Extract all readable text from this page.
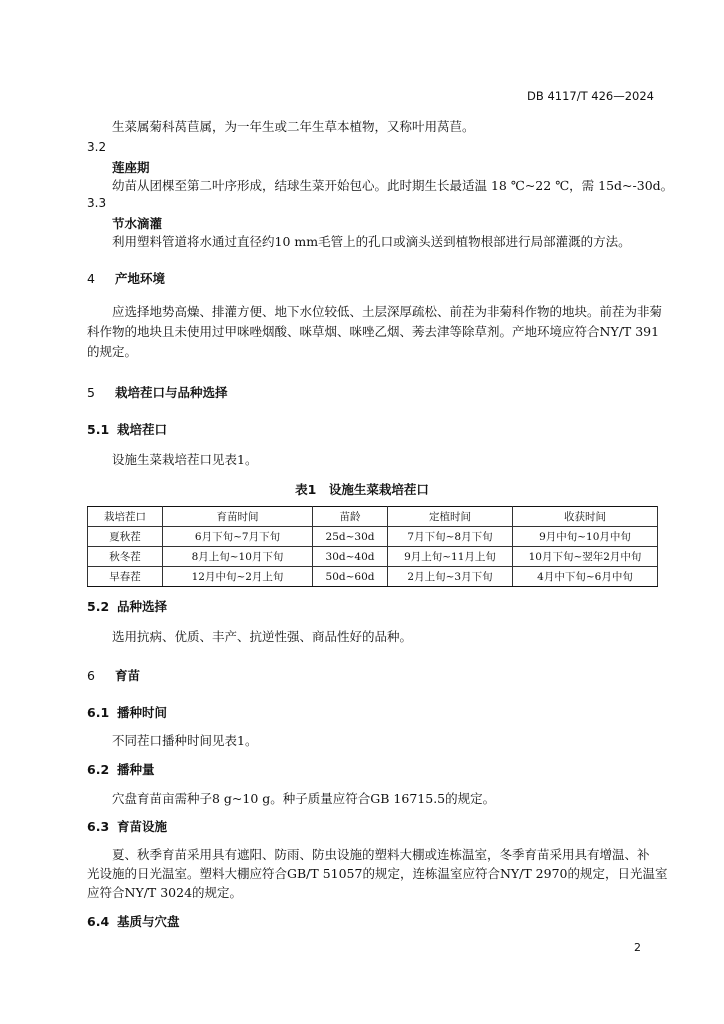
DB 4117/T 426—2024
生菜属菊科莴苣属，为一年生或二年生草本植物，又称叶用莴苣。
3.2
莲座期
幼苗从团棵至第二叶序形成，结球生菜开始包心。此时期生长最适温 18 ℃~22 ℃，需 15d~-30d。
3.3
节水滴灌
利用塑料管道将水通过直径约10 mm毛管上的孔口或滴头送到植物根部进行局部灌溉的方法。
4 产地环境
应选择地势高燥、排灌方便、地下水位较低、土层深厚疏松、前茬为非菊科作物的地块。前茬为非菊
科作物的地块且未使用过甲咪唑烟酸、咪草烟、咪唑乙烟、莠去津等除草剂。产地环境应符合NY/T 391
的规定。
5 栽培茬口与品种选择
5.1 栽培茬口
设施生菜栽培茬口见表1。
表1　设施生菜栽培茬口
栽培茬口	育苗时间	苗龄	定植时间	收获时间
夏秋茬	6月下旬~7月下旬	25d~30d	7月下旬~8月下旬	9月中旬~10月中旬
秋冬茬	8月上旬~10月下旬	30d~40d	9月上旬~11月上旬	10月下旬~翌年2月中旬
早春茬	12月中旬~2月上旬	50d~60d	2月上旬~3月下旬	4月中下旬~6月中旬
5.2 品种选择
选用抗病、优质、丰产、抗逆性强、商品性好的品种。
6 育苗
6.1 播种时间
不同茬口播种时间见表1。
6.2 播种量
穴盘育苗亩需种子8 g~10 g。种子质量应符合GB 16715.5的规定。
6.3 育苗设施
夏、秋季育苗采用具有遮阳、防雨、防虫设施的塑料大棚或连栋温室，冬季育苗采用具有增温、补
光设施的日光温室。塑料大棚应符合GB/T 51057的规定，连栋温室应符合NY/T 2970的规定，日光温室
应符合NY/T 3024的规定。
6.4 基质与穴盘
2
